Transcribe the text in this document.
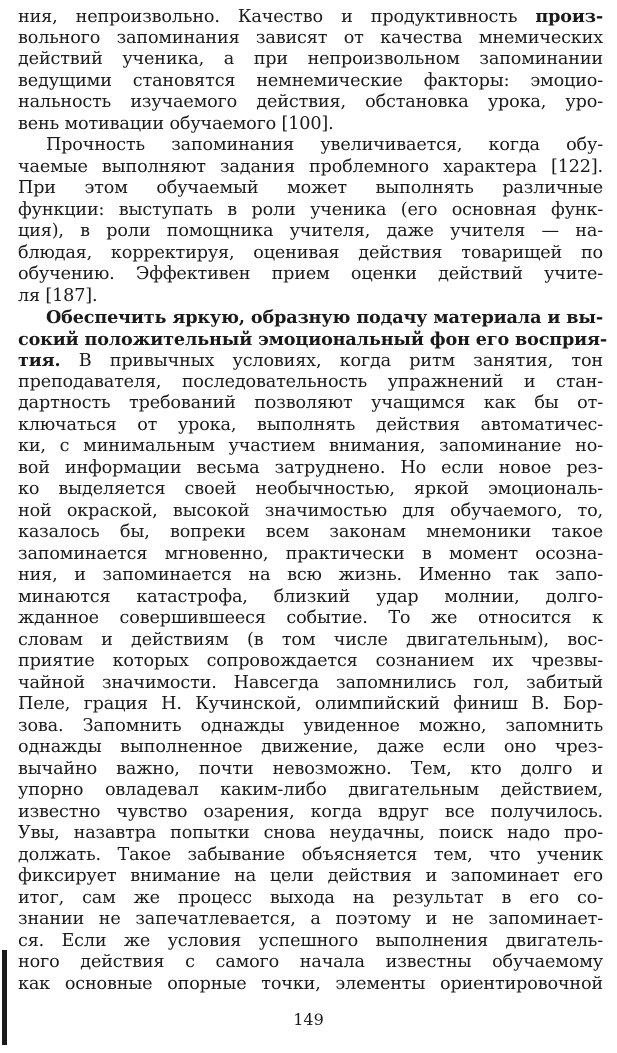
ния, непроизвольно. Качество и продуктивность произ-
вольного запоминания зависят от качества мнемических
действий ученика, а при непроизвольном запоминании
ведущими становятся немнемические факторы: эмоцио-
нальность изучаемого действия, обстановка урока, уро-
вень мотивации обучаемого [100].
Прочность запоминания увеличивается, когда обу-
чаемые выполняют задания проблемного характера [122].
При этом обучаемый может выполнять различные
функции: выступать в роли ученика (его основная функ-
ция), в роли помощника учителя, даже учителя — на-
блюдая, корректируя, оценивая действия товарищей по
обучению. Эффективен прием оценки действий учите-
ля [187].
Обеспечить яркую, образную подачу материала и вы-
сокий положительный эмоциональный фон его восприя-
тия. В привычных условиях, когда ритм занятия, тон
преподавателя, последовательность упражнений и стан-
дартность требований позволяют учащимся как бы от-
ключаться от урока, выполнять действия автоматичес-
ки, с минимальным участием внимания, запоминание но-
вой информации весьма затруднено. Но если новое рез-
ко выделяется своей необычностью, яркой эмоциональ-
ной окраской, высокой значимостью для обучаемого, то,
казалось бы, вопреки всем законам мнемоники такое
запоминается мгновенно, практически в момент осозна-
ния, и запоминается на всю жизнь. Именно так запо-
минаются катастрофа, близкий удар молнии, долго-
жданное совершившееся событие. То же относится к
словам и действиям (в том числе двигательным), вос-
приятие которых сопровождается сознанием их чрезвы-
чайной значимости. Навсегда запомнились гол, забитый
Пеле, грация Н. Кучинской, олимпийский финиш В. Бор-
зова. Запомнить однажды увиденное можно, запомнить
однажды выполненное движение, даже если оно чрез-
вычайно важно, почти невозможно. Тем, кто долго и
упорно овладевал каким-либо двигательным действием,
известно чувство озарения, когда вдруг все получилось.
Увы, назавтра попытки снова неудачны, поиск надо про-
должать. Такое забывание объясняется тем, что ученик
фиксирует внимание на цели действия и запоминает его
итог, сам же процесс выхода на результат в его со-
знании не запечатлевается, а поэтому и не запоминает-
ся. Если же условия успешного выполнения двигатель-
ного действия с самого начала известны обучаемому
как основные опорные точки, элементы ориентировочной
149
